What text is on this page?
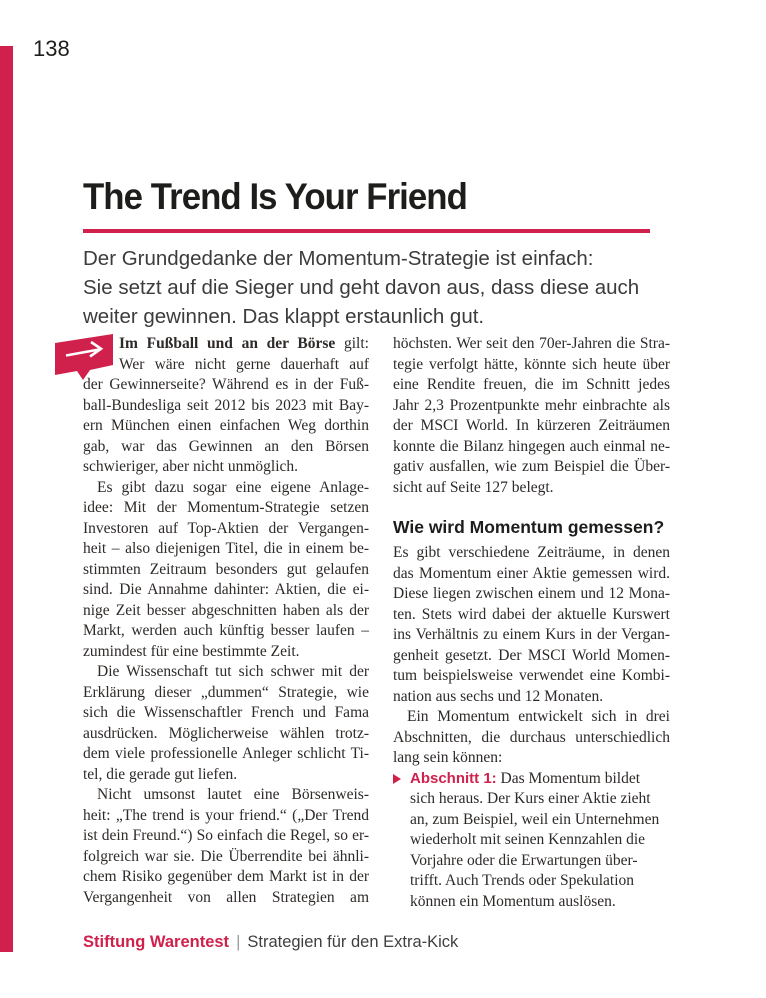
138
The Trend Is Your Friend
Der Grundgedanke der Momentum-Strategie ist einfach:
Sie setzt auf die Sieger und geht davon aus, dass diese auch
weiter gewinnen. Das klappt erstaunlich gut.
Im Fußball und an der Börse gilt:
Wer wäre nicht gerne dauerhaft auf
der Gewinnerseite? Während es in der Fuß-
ball-Bundesliga seit 2012 bis 2023 mit Bay-
ern München einen einfachen Weg dorthin
gab, war das Gewinnen an den Börsen
schwieriger, aber nicht unmöglich.
Es gibt dazu sogar eine eigene Anlage-
idee: Mit der Momentum-Strategie setzen
Investoren auf Top-Aktien der Vergangen-
heit – also diejenigen Titel, die in einem be-
stimmten Zeitraum besonders gut gelaufen
sind. Die Annahme dahinter: Aktien, die ei-
nige Zeit besser abgeschnitten haben als der
Markt, werden auch künftig besser laufen –
zumindest für eine bestimmte Zeit.
Die Wissenschaft tut sich schwer mit der
Erklärung dieser „dummen“ Strategie, wie
sich die Wissenschaftler French und Fama
ausdrücken. Möglicherweise wählen trotz-
dem viele professionelle Anleger schlicht Ti-
tel, die gerade gut liefen.
Nicht umsonst lautet eine Börsenweis-
heit: „The trend is your friend.“ („Der Trend
ist dein Freund.“) So einfach die Regel, so er-
folgreich war sie. Die Überrendite bei ähnli-
chem Risiko gegenüber dem Markt ist in der
Vergangenheit von allen Strategien am
höchsten. Wer seit den 70er-Jahren die Stra-
tegie verfolgt hätte, könnte sich heute über
eine Rendite freuen, die im Schnitt jedes
Jahr 2,3 Prozentpunkte mehr einbrachte als
der MSCI World. In kürzeren Zeiträumen
konnte die Bilanz hingegen auch einmal ne-
gativ ausfallen, wie zum Beispiel die Über-
sicht auf Seite 127 belegt.
Wie wird Momentum gemessen?
Es gibt verschiedene Zeiträume, in denen
das Momentum einer Aktie gemessen wird.
Diese liegen zwischen einem und 12 Mona-
ten. Stets wird dabei der aktuelle Kurswert
ins Verhältnis zu einem Kurs in der Vergan-
genheit gesetzt. Der MSCI World Momen-
tum beispielsweise verwendet eine Kombi-
nation aus sechs und 12 Monaten.
Ein Momentum entwickelt sich in drei
Abschnitten, die durchaus unterschiedlich
lang sein können:
Abschnitt 1: Das Momentum bildet
sich heraus. Der Kurs einer Aktie zieht
an, zum Beispiel, weil ein Unternehmen
wiederholt mit seinen Kennzahlen die
Vorjahre oder die Erwartungen über-
trifft. Auch Trends oder Spekulation
können ein Momentum auslösen.
Stiftung Warentest | Strategien für den Extra-Kick
